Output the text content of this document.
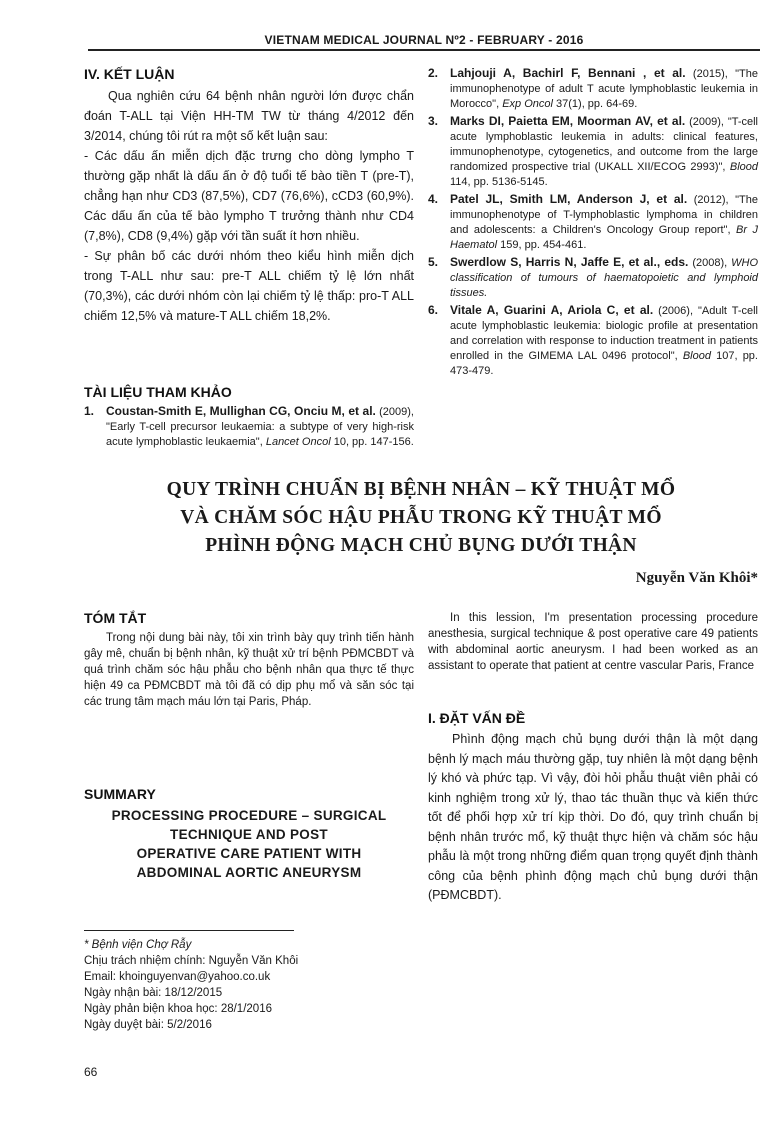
VIETNAM MEDICAL JOURNAL Nº2 - FEBRUARY - 2016
IV. KẾT LUẬN

Qua nghiên cứu 64 bệnh nhân người lớn được chẩn đoán T-ALL tại Viện HH-TM TW từ tháng 4/2012 đến 3/2014, chúng tôi rút ra một số kết luận sau:

- Các dấu ấn miễn dịch đặc trưng cho dòng lympho T thường gặp nhất là dấu ấn ở độ tuổi tế bào tiền T (pre-T), chẳng hạn như CD3 (87,5%), CD7 (76,6%), cCD3 (60,9%). Các dấu ấn của tế bào lympho T trưởng thành như CD4 (7,8%), CD8 (9,4%) gặp với tần suất ít hơn nhiều.

- Sự phân bố các dưới nhóm theo kiểu hình miễn dịch trong T-ALL như sau: pre-T ALL chiếm tỷ lệ lớn nhất (70,3%), các dưới nhóm còn lại chiếm tỷ lệ thấp: pro-T ALL chiếm 12,5% và mature-T ALL chiếm 18,2%.

TÀI LIỆU THAM KHẢO
1. Coustan-Smith E, Mullighan CG, Onciu M, et al. (2009), "Early T-cell precursor leukaemia: a subtype of very high-risk acute lymphoblastic leukaemia", Lancet Oncol 10, pp. 147-156.
2. Lahjouji A, Bachirl F, Bennani , et al. (2015), "The immunophenotype of adult T acute lymphoblastic leukemia in Morocco", Exp Oncol 37(1), pp. 64-69.
3. Marks DI, Paietta EM, Moorman AV, et al. (2009), "T-cell acute lymphoblastic leukemia in adults: clinical features, immunophenotype, cytogenetics, and outcome from the large randomized prospective trial (UKALL XII/ECOG 2993)", Blood 114, pp. 5136-5145.
4. Patel JL, Smith LM, Anderson J, et al. (2012), "The immunophenotype of T-lymphoblastic lymphoma in children and adolescents: a Children's Oncology Group report", Br J Haematol 159, pp. 454-461.
5. Swerdlow S, Harris N, Jaffe E, et al., eds. (2008), WHO classification of tumours of haematopoietic and lymphoid tissues.
6. Vitale A, Guarini A, Ariola C, et al. (2006), "Adult T-cell acute lymphoblastic leukemia: biologic profile at presentation and correlation with response to induction treatment in patients enrolled in the GIMEMA LAL 0496 protocol", Blood 107, pp. 473-479.
QUY TRÌNH CHUẨN BỊ BỆNH NHÂN – KỸ THUẬT MỔ
VÀ CHĂM SÓC HẬU PHẪU TRONG KỸ THUẬT MỔ
PHÌNH ĐỘNG MẠCH CHỦ BỤNG DƯỚI THẬN
Nguyễn Văn Khôi*
TÓM TẮT

Trong nội dung bài này, tôi xin trình bày quy trình tiến hành gây mê, chuẩn bị bệnh nhân, kỹ thuật xử trí bệnh PĐMCBDT và quá trình chăm sóc hậu phẫu cho bệnh nhân qua thực tế thực hiện 49 ca PĐMCBDT mà tôi đã có dịp phụ mổ và săn sóc tại các trung tâm mạch máu lớn tại Paris, Pháp.

SUMMARY

PROCESSING PROCEDURE – SURGICAL

TECHNIQUE AND POST

OPERATIVE CARE PATIENT WITH

ABDOMINAL AORTIC ANEURYSM

* Bệnh viện Chợ Rẫy

Chịu trách nhiệm chính: Nguyễn Văn Khôi

Email: khoinguyenvan@yahoo.co.uk

Ngày nhận bài: 18/12/2015

Ngày phản biện khoa học: 28/1/2016

Ngày duyệt bài: 5/2/2016

In this lession, I'm presentation processing procedure anesthesia, surgical technique & post operative care 49 patients with abdominal aortic aneurysm. I had been worked as an assistant to operate that patient at centre vascular Paris, France

I. ĐẶT VẤN ĐỀ

Phình động mạch chủ bụng dưới thận là một dạng bệnh lý mạch máu thường gặp, tuy nhiên là một dạng bệnh lý khó và phức tạp. Vì vậy, đòi hỏi phẫu thuật viên phải có kinh nghiệm trong xử lý, thao tác thuần thục và kiến thức tốt để phối hợp xử trí kịp thời. Do đó, quy trình chuẩn bị bệnh nhân trước mổ, kỹ thuật thực hiện và chăm sóc hậu phẫu là một trong những điểm quan trọng quyết định thành công của bệnh phình động mạch chủ bụng dưới thận (PĐMCBDT).

66
